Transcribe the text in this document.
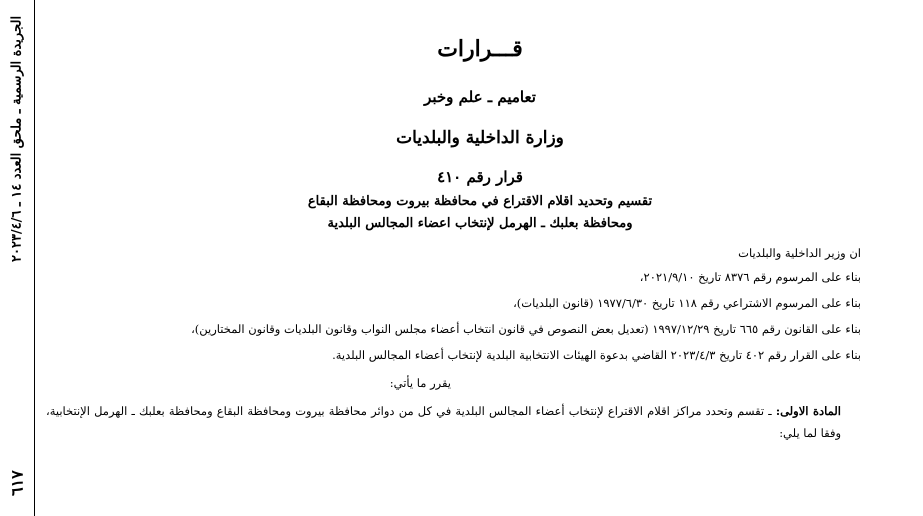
الجريدة الرسمية ـ ملحق العدد ١٤ ـ ٢٠٢٣/٤/٦
٦١٧
قـــرارات
تعاميم ـ علم وخبر
وزارة الداخلية والبلديات
قرار رقم ٤١٠
تقسيم وتحديد اقلام الاقتراع في محافظة بيروت ومحافظة البقاع
ومحافظة بعلبك ـ الهرمل لإنتخاب اعضاء المجالس البلدية
ان وزير الداخلية والبلديات
بناء على المرسوم رقم ٨٣٧٦ تاريخ ٢٠٢١/٩/١٠،
بناء على المرسوم الاشتراعي رقم ١١٨ تاريخ ١٩٧٧/٦/٣٠ (قانون البلديات)،
بناء على القانون رقم ٦٦٥ تاريخ ١٩٩٧/١٢/٢٩ (تعديل بعض النصوص في قانون انتخاب أعضاء مجلس النواب وقانون البلديات وقانون المختارين)،
بناء على القرار رقم ٤٠٢ تاريخ ٢٠٢٣/٤/٣ القاضي بدعوة الهيئات الانتخابية البلدية لإنتخاب أعضاء المجالس البلدية.
يقرر ما يأتي:
المادة الاولى: ـ تقسم وتحدد مراكز اقلام الاقتراع لإنتخاب أعضاء المجالس البلدية في كل من دوائر محافظة بيروت ومحافظة البقاع ومحافظة بعلبك ـ الهرمل الإنتخابية، وفقا لما يلي:
